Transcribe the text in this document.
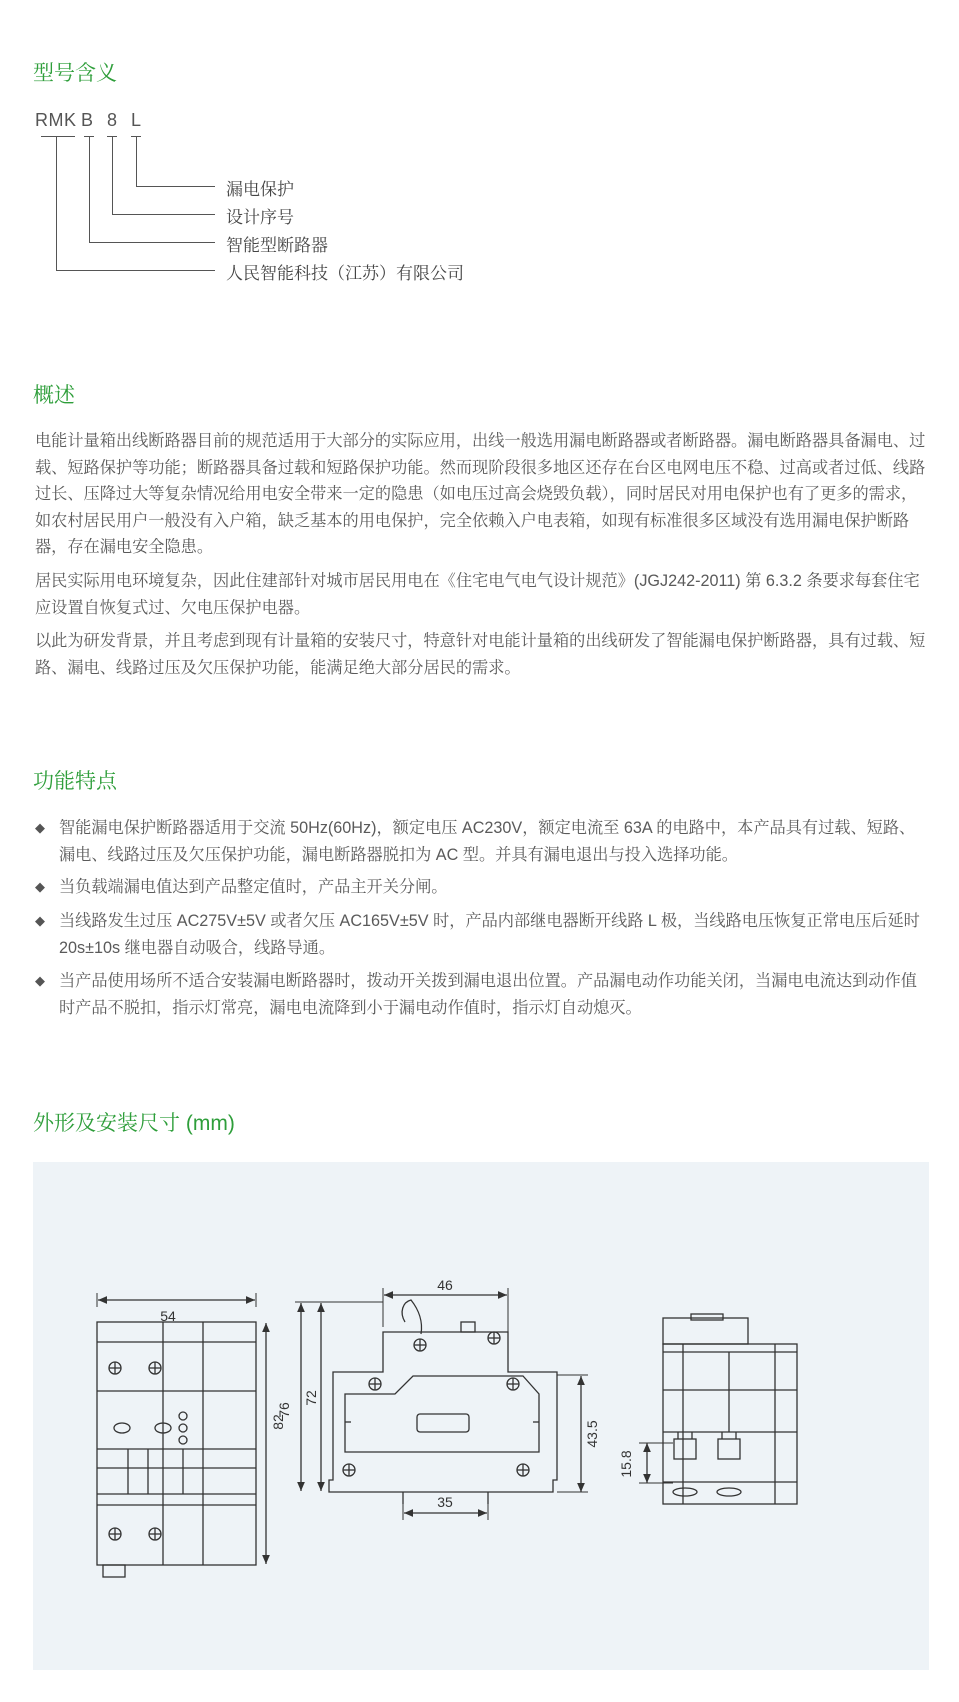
型号含义
RMK B 8 L
漏电保护
设计序号
智能型断路器
人民智能科技（江苏）有限公司
概述

电能计量箱出线断路器目前的规范适用于大部分的实际应用，出线一般选用漏电断路器或者断路器。漏电断路器具备漏电、过载、短路保护等功能；断路器具备过载和短路保护功能。然而现阶段很多地区还存在台区电网电压不稳、过高或者过低、线路过长、压降过大等复杂情况给用电安全带来一定的隐患（如电压过高会烧毁负载），同时居民对用电保护也有了更多的需求，如农村居民用户一般没有入户箱，缺乏基本的用电保护，完全依赖入户电表箱，如现有标准很多区域没有选用漏电保护断路器，存在漏电安全隐患。

居民实际用电环境复杂，因此住建部针对城市居民用电在《住宅电气电气设计规范》(JGJ242-2011) 第 6.3.2 条要求每套住宅应设置自恢复式过、欠电压保护电器。

以此为研发背景，并且考虑到现有计量箱的安装尺寸，特意针对电能计量箱的出线研发了智能漏电保护断路器，具有过载、短路、漏电、线路过压及欠压保护功能，能满足绝大部分居民的需求。

功能特点
◆ 智能漏电保护断路器适用于交流 50Hz(60Hz)，额定电压 AC230V，额定电流至 63A 的电路中，本产品具有过载、短路、漏电、线路过压及欠压保护功能，漏电断路器脱扣为 AC 型。并具有漏电退出与投入选择功能。
◆ 当负载端漏电值达到产品整定值时，产品主开关分闸。
◆ 当线路发生过压 AC275V±5V 或者欠压 AC165V±5V 时，产品内部继电器断开线路 L 极，当线路电压恢复正常电压后延时 20s±10s 继电器自动吸合，线路导通。
◆ 当产品使用场所不适合安装漏电断路器时，拨动开关拨到漏电退出位置。产品漏电动作功能关闭，当漏电电流达到动作值时产品不脱扣，指示灯常亮，漏电电流降到小于漏电动作值时，指示灯自动熄灭。
外形及安装尺寸 (mm)
54
82
46
76
72
43.5
35
15.8
